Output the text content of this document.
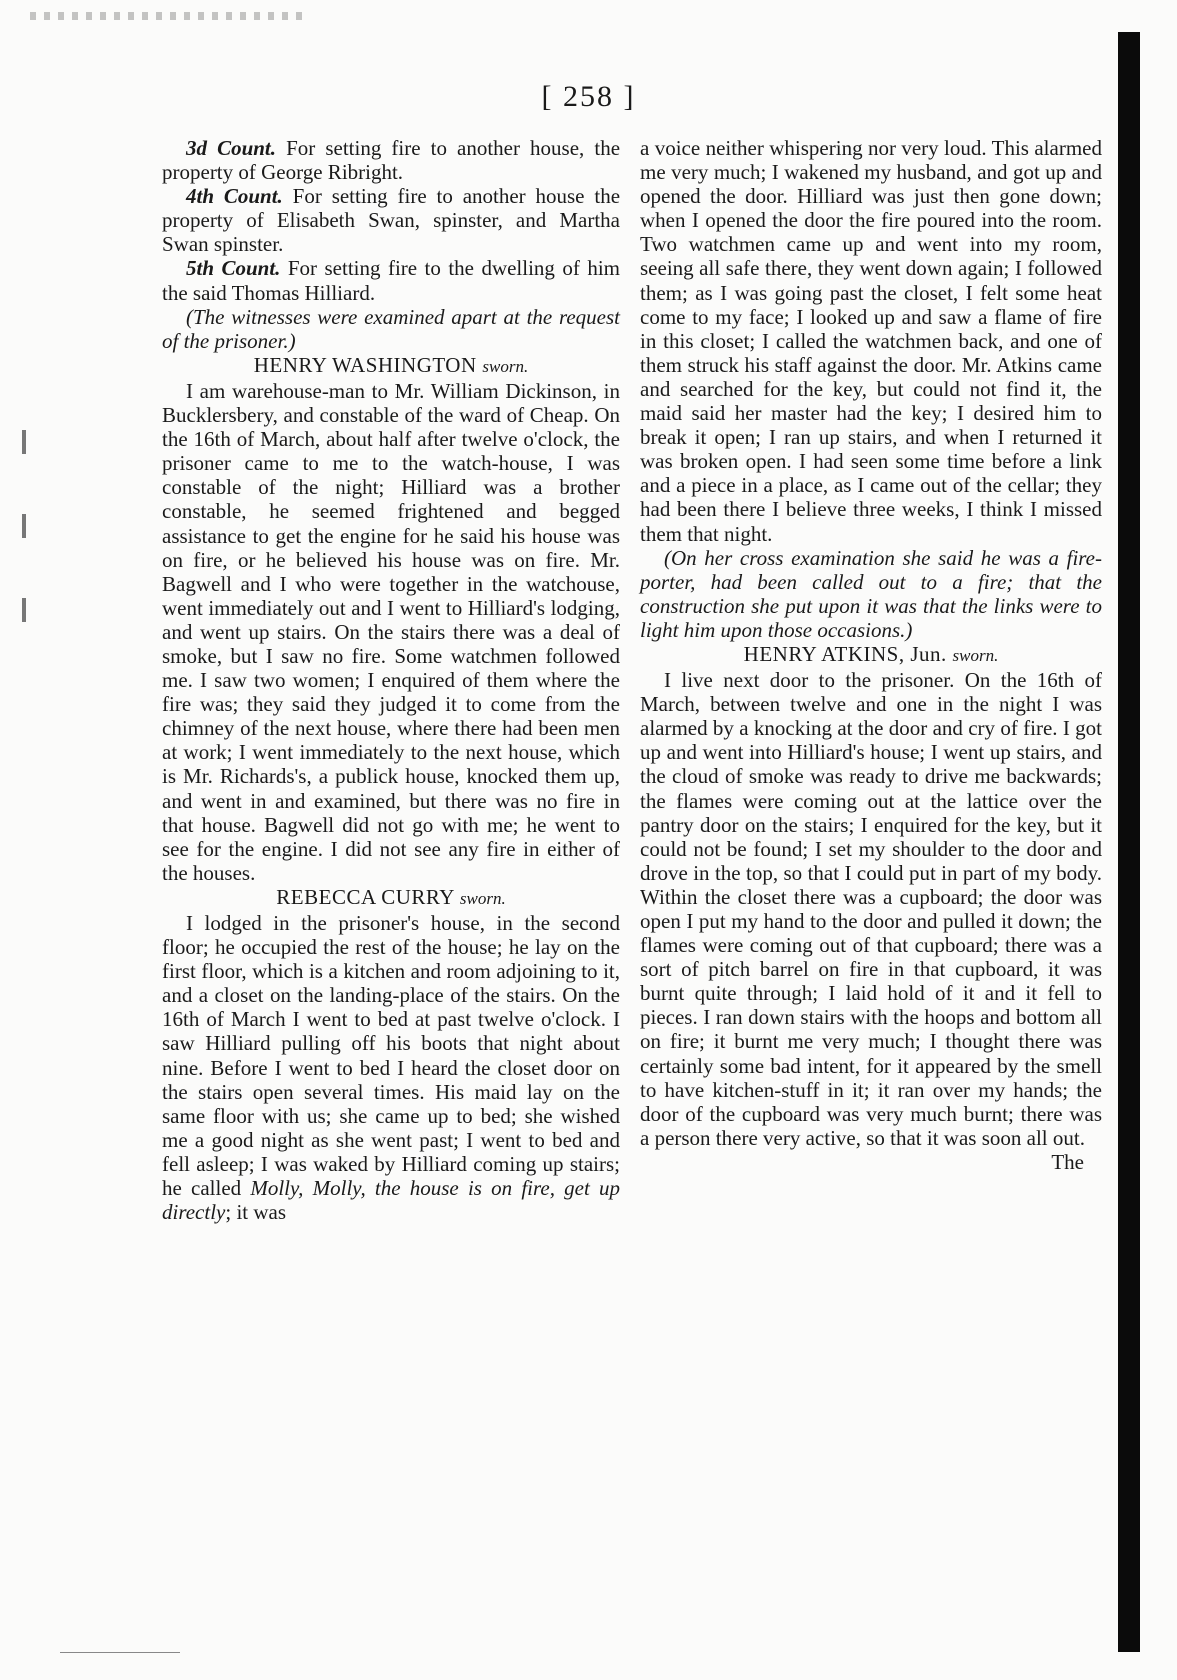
[ 258 ]

3d Count. For setting fire to another house, the property of George Ribright.

4th Count. For setting fire to another house the property of Elisabeth Swan, spinster, and Martha Swan spinster.

5th Count. For setting fire to the dwelling of him the said Thomas Hilliard.

(The witnesses were examined apart at the request of the prisoner.)

HENRY WASHINGTON sworn.

I am warehouse-man to Mr. William Dickinson, in Bucklersbery, and constable of the ward of Cheap. On the 16th of March, about half after twelve o'clock, the prisoner came to me to the watch-house, I was constable of the night; Hilliard was a brother constable, he seemed frightened and begged assistance to get the engine for he said his house was on fire, or he believed his house was on fire. Mr. Bagwell and I who were together in the watchouse, went immediately out and I went to Hilliard's lodging, and went up stairs. On the stairs there was a deal of smoke, but I saw no fire. Some watchmen followed me. I saw two women; I enquired of them where the fire was; they said they judged it to come from the chimney of the next house, where there had been men at work; I went immediately to the next house, which is Mr. Richards's, a publick house, knocked them up, and went in and examined, but there was no fire in that house. Bagwell did not go with me; he went to see for the engine. I did not see any fire in either of the houses.

REBECCA CURRY sworn.

I lodged in the prisoner's house, in the second floor; he occupied the rest of the house; he lay on the first floor, which is a kitchen and room adjoining to it, and a closet on the landing-place of the stairs. On the 16th of March I went to bed at past twelve o'clock. I saw Hilliard pulling off his boots that night about nine. Before I went to bed I heard the closet door on the stairs open several times. His maid lay on the same floor with us; she came up to bed; she wished me a good night as she went past; I went to bed and fell asleep; I was waked by Hilliard coming up stairs; he called Molly, Molly, the house is on fire, get up directly; it was

a voice neither whispering nor very loud. This alarmed me very much; I wakened my husband, and got up and opened the door. Hilliard was just then gone down; when I opened the door the fire poured into the room. Two watchmen came up and went into my room, seeing all safe there, they went down again; I followed them; as I was going past the closet, I felt some heat come to my face; I looked up and saw a flame of fire in this closet; I called the watchmen back, and one of them struck his staff against the door. Mr. Atkins came and searched for the key, but could not find it, the maid said her master had the key; I desired him to break it open; I ran up stairs, and when I returned it was broken open. I had seen some time before a link and a piece in a place, as I came out of the cellar; they had been there I believe three weeks, I think I missed them that night.

(On her cross examination she said he was a fire-porter, had been called out to a fire; that the construction she put upon it was that the links were to light him upon those occasions.)

HENRY ATKINS, Jun. sworn.

I live next door to the prisoner. On the 16th of March, between twelve and one in the night I was alarmed by a knocking at the door and cry of fire. I got up and went into Hilliard's house; I went up stairs, and the cloud of smoke was ready to drive me backwards; the flames were coming out at the lattice over the pantry door on the stairs; I enquired for the key, but it could not be found; I set my shoulder to the door and drove in the top, so that I could put in part of my body. Within the closet there was a cupboard; the door was open I put my hand to the door and pulled it down; the flames were coming out of that cupboard; there was a sort of pitch barrel on fire in that cupboard, it was burnt quite through; I laid hold of it and it fell to pieces. I ran down stairs with the hoops and bottom all on fire; it burnt me very much; I thought there was certainly some bad intent, for it appeared by the smell to have kitchen-stuff in it; it ran over my hands; the door of the cupboard was very much burnt; there was a person there very active, so that it was soon all out.

The
